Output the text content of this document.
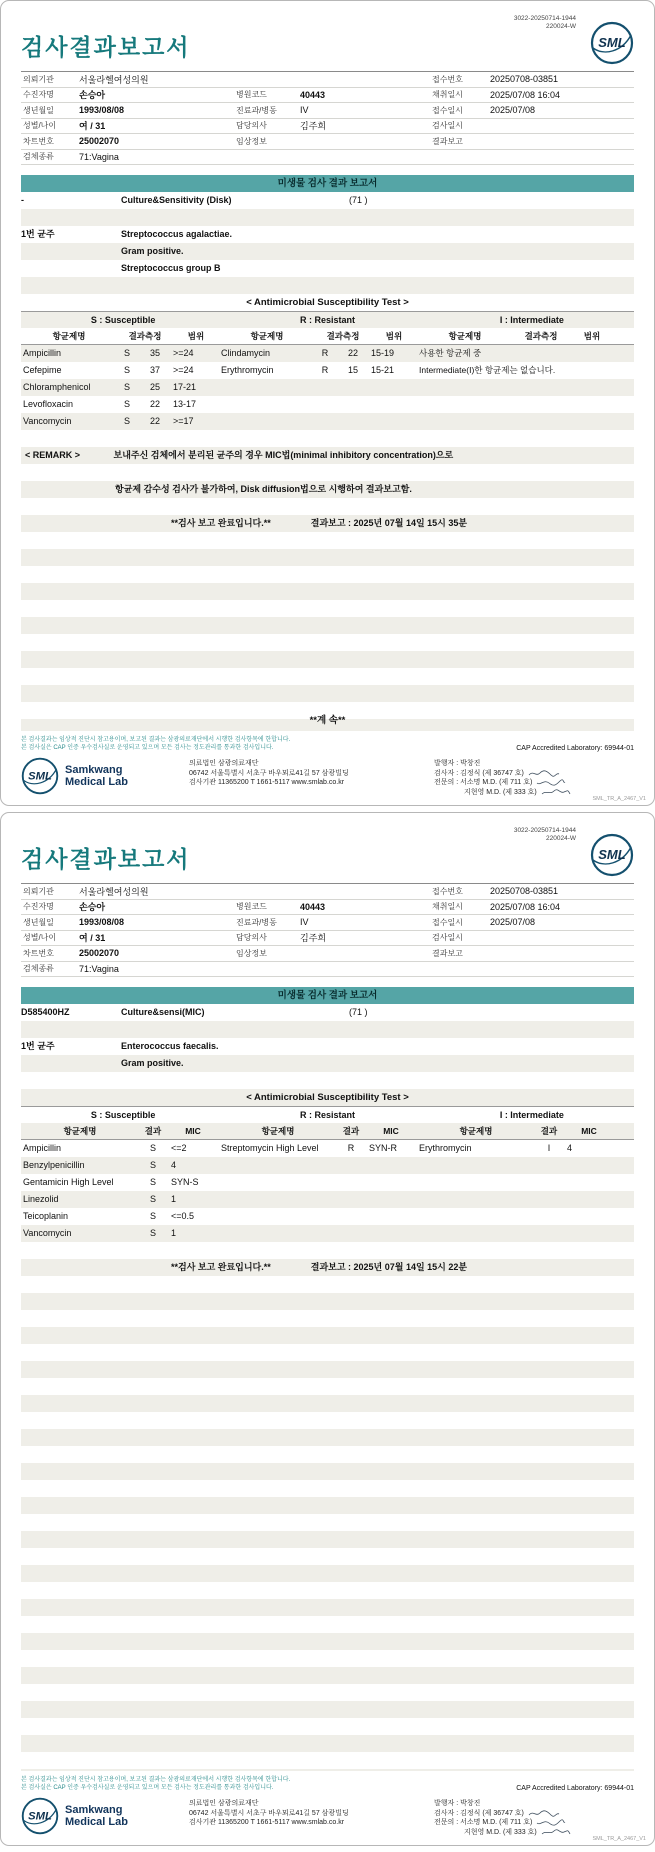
검사결과보고서
3022-20250714-1944
220024-W
SML
의뢰기관	서울라헬여성의원	접수번호	20250708-03851
수진자명	손승아	병원코드	40443	채취일시	2025/07/08 16:04
생년월일	1993/08/08	진료과/병동	IV	접수일시	2025/07/08
성별/나이	여 / 31	담당의사	김주희	검사일시
차트번호	25002070	임상정보	결과보고
검체종류	71:Vagina
미생물 검사 결과 보고서
-	Culture&Sensitivity (Disk)	(71 )
1번 균주	Streptococcus agalactiae.
Gram positive.
Streptococcus group B
< Antimicrobial Susceptibility Test >
S : Susceptible	R : Resistant	I : Intermediate
항균제명	결과측정	범위	항균제명	결과측정	범위	항균제명	결과측정	범위
Ampicillin	S	35	>=24	Clindamycin	R	22	15-19	사용한 항균제 중
Cefepime	S	37	>=24	Erythromycin	R	15	15-21	Intermediate(I)한 항균제는 없습니다.
Chloramphenicol	S	25	17-21
Levofloxacin	S	22	13-17
Vancomycin	S	22	>=17
< REMARK >	보내주신 검체에서 분리된 균주의 경우 MIC법(minimal inhibitory concentration)으로
항균제 감수성 검사가 불가하여, Disk diffusion법으로 시행하여 결과보고함.
**검사 보고 완료입니다.**	결과보고 : 2025년 07월 14일 15시 35분
**계 속**
본 검사결과는 임상적 진단시 참고용이며, 보고된 결과는 삼광의료재단에서 시행한 검사항목에 한합니다.
본 검사실은 CAP 인증 우수검사실로 운영되고 있으며 모든 검사는 정도관리를 통과한 검사입니다.	CAP Accredited Laboratory: 69944-01
SML
Samkwang
Medical Lab
의료법인 삼광의료재단
06742 서울특별시 서초구 바우뫼로41길 57 삼광빌딩
검사기관 11365200 T 1661-5117 www.smlab.co.kr
발행자 : 박창진
검사자 : 김정식 (제 36747 호)
전문의 : 서소명 M.D. (제 711 호)
지현영 M.D. (제 333 호)
SML_TR_A_2467_V1
검사결과보고서
3022-20250714-1944
220024-W
SML
의뢰기관	서울라헬여성의원	접수번호	20250708-03851
수진자명	손승아	병원코드	40443	채취일시	2025/07/08 16:04
생년월일	1993/08/08	진료과/병동	IV	접수일시	2025/07/08
성별/나이	여 / 31	담당의사	김주희	검사일시
차트번호	25002070	임상정보	결과보고
검체종류	71:Vagina
미생물 검사 결과 보고서
D585400HZ	Culture&sensi(MIC)	(71 )
1번 균주	Enterococcus faecalis.
Gram positive.
< Antimicrobial Susceptibility Test >
S : Susceptible	R : Resistant	I : Intermediate
항균제명	결과	MIC	항균제명	결과	MIC	항균제명	결과	MIC
Ampicillin	S	<=2	Streptomycin High Level	R	SYN-R	Erythromycin	I	4
Benzylpenicillin	S	4
Gentamicin High Level	S	SYN-S
Linezolid	S	1
Teicoplanin	S	<=0.5
Vancomycin	S	1
**검사 보고 완료입니다.**	결과보고 : 2025년 07월 14일 15시 22분
본 검사결과는 임상적 진단시 참고용이며, 보고된 결과는 삼광의료재단에서 시행한 검사항목에 한합니다.
본 검사실은 CAP 인증 우수검사실로 운영되고 있으며 모든 검사는 정도관리를 통과한 검사입니다.	CAP Accredited Laboratory: 69944-01
SML
Samkwang
Medical Lab
의료법인 삼광의료재단
06742 서울특별시 서초구 바우뫼로41길 57 삼광빌딩
검사기관 11365200 T 1661-5117 www.smlab.co.kr
발행자 : 박창진
검사자 : 김정식 (제 36747 호)
전문의 : 서소명 M.D. (제 711 호)
지현영 M.D. (제 333 호)
SML_TR_A_2467_V1
